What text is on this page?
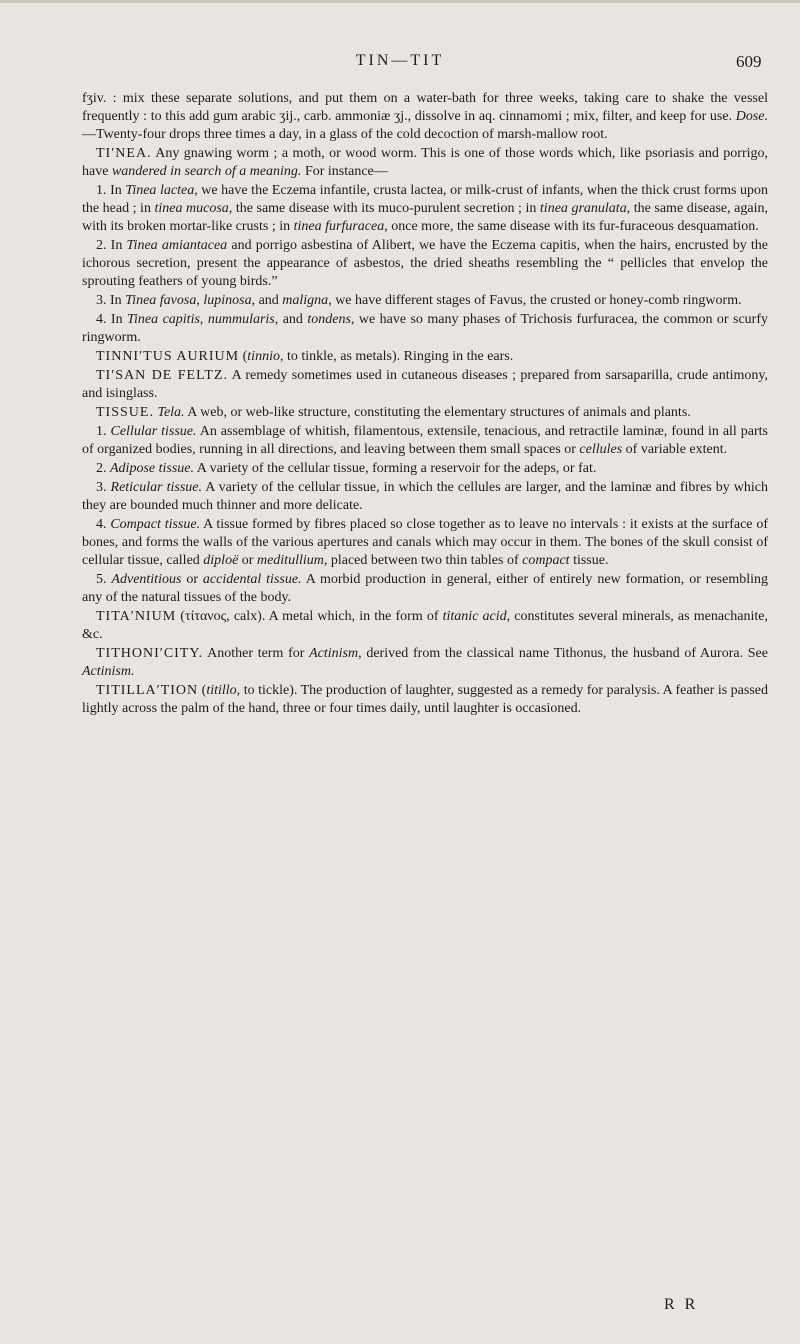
TIN—TIT	609

fʒiv. : mix these separate solutions, and put them on a water-bath for three weeks, taking care to shake the vessel frequently : to this add gum arabic ʒij., carb. ammoniæ ʒj., dissolve in aq. cinnamomi ; mix, filter, and keep for use. Dose.—Twenty-four drops three times a day, in a glass of the cold decoction of marsh-mallow root.

TI′NEA. Any gnawing worm ; a moth, or wood worm. This is one of those words which, like psoriasis and porrigo, have wandered in search of a meaning. For instance—

1. In Tinea lactea, we have the Eczema infantile, crusta lactea, or milk-crust of infants, when the thick crust forms upon the head ; in tinea mucosa, the same disease with its muco-purulent secretion ; in tinea granulata, the same disease, again, with its broken mortar-like crusts ; in tinea furfuracea, once more, the same disease with its fur-furaceous desquamation.

2. In Tinea amiantacea and porrigo asbestina of Alibert, we have the Eczema capitis, when the hairs, encrusted by the ichorous secretion, present the appearance of asbestos, the dried sheaths resembling the “ pellicles that envelop the sprouting feathers of young birds.”

3. In Tinea favosa, lupinosa, and maligna, we have different stages of Favus, the crusted or honey-comb ringworm.

4. In Tinea capitis, nummularis, and tondens, we have so many phases of Trichosis furfuracea, the common or scurfy ringworm.

TINNI′TUS AURIUM (tinnio, to tinkle, as metals). Ringing in the ears.

TI′SAN DE FELTZ. A remedy sometimes used in cutaneous diseases ; prepared from sarsaparilla, crude antimony, and isinglass.

TISSUE. Tela. A web, or web-like structure, constituting the elementary structures of animals and plants.

1. Cellular tissue. An assemblage of whitish, filamentous, extensile, tenacious, and retractile laminæ, found in all parts of organized bodies, running in all directions, and leaving between them small spaces or cellules of variable extent.

2. Adipose tissue. A variety of the cellular tissue, forming a reservoir for the adeps, or fat.

3. Reticular tissue. A variety of the cellular tissue, in which the cellules are larger, and the laminæ and fibres by which they are bounded much thinner and more delicate.

4. Compact tissue. A tissue formed by fibres placed so close together as to leave no intervals : it exists at the surface of bones, and forms the walls of the various apertures and canals which may occur in them. The bones of the skull consist of cellular tissue, called diploë or meditullium, placed between two thin tables of compact tissue.

5. Adventitious or accidental tissue. A morbid production in general, either of entirely new formation, or resembling any of the natural tissues of the body.

TITA′NIUM (τίτανος, calx). A metal which, in the form of titanic acid, constitutes several minerals, as menachanite, &c.

TITHONI′CITY. Another term for Actinism, derived from the classical name Tithonus, the husband of Aurora. See Actinism.

TITILLA′TION (titillo, to tickle). The production of laughter, suggested as a remedy for paralysis. A feather is passed lightly across the palm of the hand, three or four times daily, until laughter is occasioned.

R R
